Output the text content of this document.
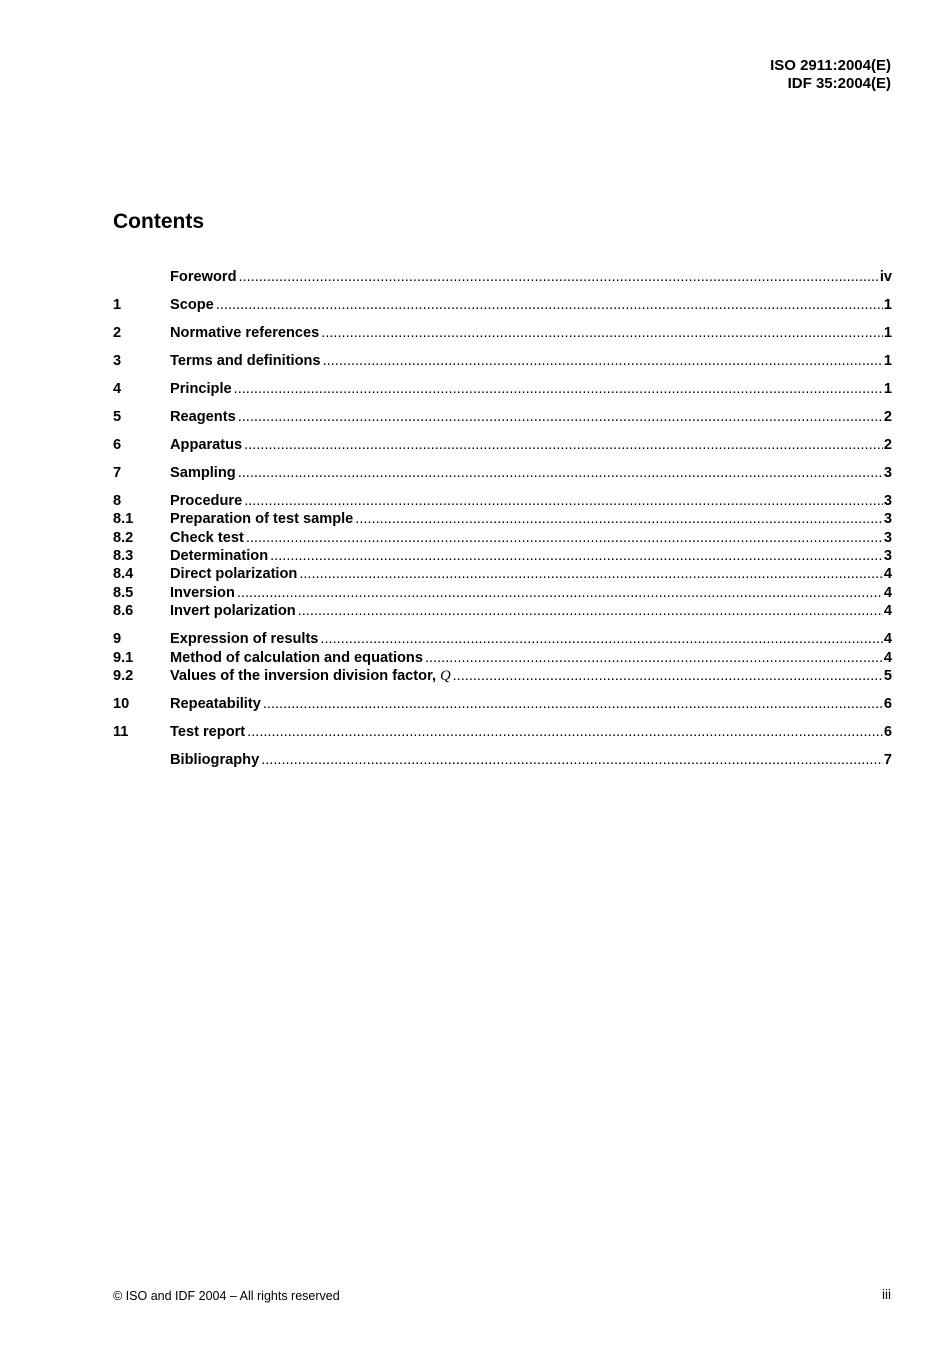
ISO 2911:2004(E)
IDF 35:2004(E)
Contents
Foreword .....	iv
1	Scope .....	1
2	Normative references .....	1
3	Terms and definitions .....	1
4	Principle .....	1
5	Reagents .....	2
6	Apparatus .....	2
7	Sampling .....	3
8	Procedure .....	3
8.1	Preparation of test sample .....	3
8.2	Check test .....	3
8.3	Determination .....	3
8.4	Direct polarization .....	4
8.5	Inversion .....	4
8.6	Invert polarization .....	4
9	Expression of results .....	4
9.1	Method of calculation and equations .....	4
9.2	Values of the inversion division factor, Q .....	5
10	Repeatability .....	6
11	Test report .....	6
Bibliography .....	7
© ISO and IDF 2004 – All rights reserved	iii
